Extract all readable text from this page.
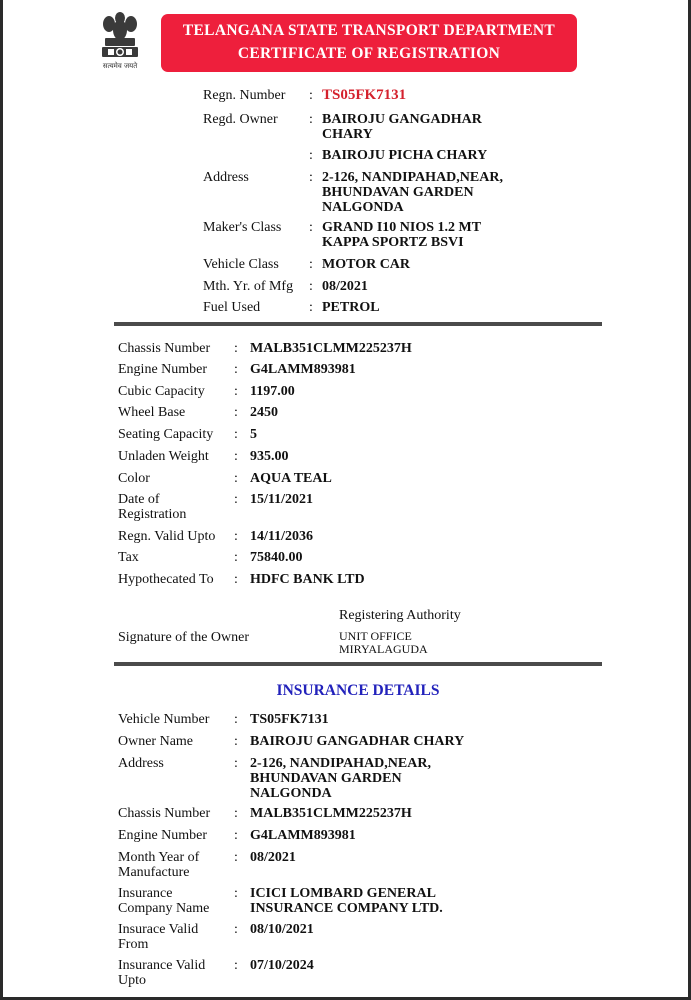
सत्यमेव जयते
TELANGANA STATE TRANSPORT DEPARTMENT
CERTIFICATE OF REGISTRATION
Regn. Number	: TS05FK7131
Regd. Owner	: BAIROJU GANGADHAR
CHARY
: BAIROJU PICHA CHARY
Address	: 2-126, NANDIPAHAD,NEAR,
BHUNDAVAN GARDEN
NALGONDA
Maker's Class	: GRAND I10 NIOS 1.2 MT
KAPPA SPORTZ BSVI
Vehicle Class	: MOTOR CAR
Mth. Yr. of Mfg	: 08/2021
Fuel Used	: PETROL
Chassis Number	: MALB351CLMM225237H
Engine Number	: G4LAMM893981
Cubic Capacity	: 1197.00
Wheel Base	: 2450
Seating Capacity	: 5
Unladen Weight	: 935.00
Color	: AQUA TEAL
Date of
Registration
: 15/11/2021
Regn. Valid Upto	: 14/11/2036
Tax	: 75840.00
Hypothecated To	: HDFC BANK LTD
Registering Authority
Signature of the Owner	UNIT OFFICE
MIRYALAGUDA
INSURANCE DETAILS
Vehicle Number	: TS05FK7131
Owner Name	: BAIROJU GANGADHAR CHARY
Address	: 2-126, NANDIPAHAD,NEAR,
BHUNDAVAN GARDEN
NALGONDA
Chassis Number	: MALB351CLMM225237H
Engine Number	: G4LAMM893981
Month Year of
Manufacture
: 08/2021
Insurance
Company Name
: ICICI LOMBARD GENERAL
INSURANCE COMPANY LTD.
Insurace Valid
From
: 08/10/2021
Insurance Valid
Upto
: 07/10/2024
